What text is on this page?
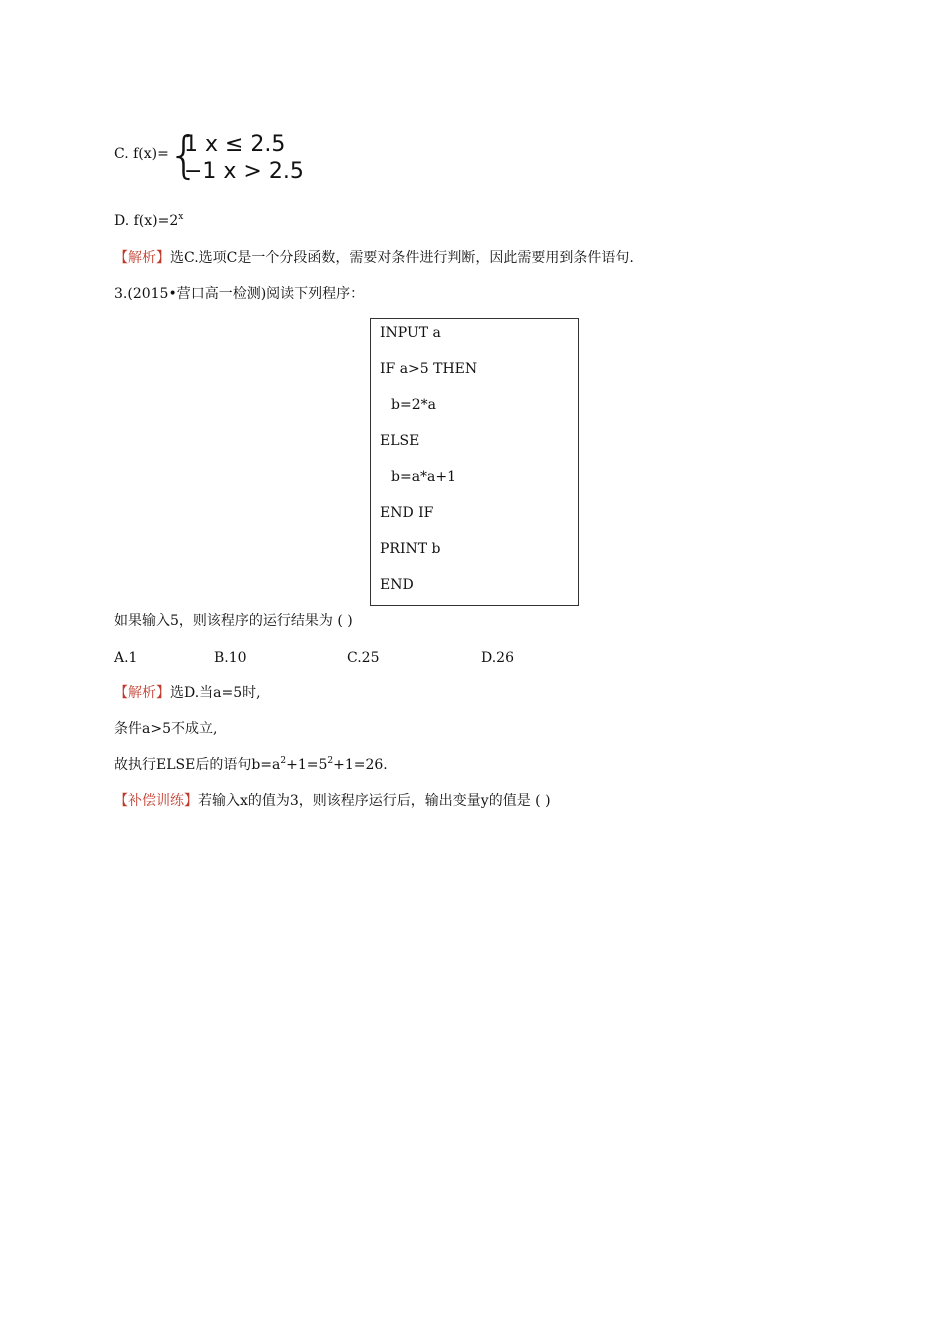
C. f(x)= {
1 x ≤ 2.5
−1 x > 2.5
D. $f(x)=2^x$
【解析】选C.选项C是一个分段函数，需要对条件进行判断，因此需要用到条件语句.
3.(2015•营口高一检测)阅读下列程序：
INPUT a
IF a>5 THEN
b=2*a
ELSE
b=a*a+1
END IF
PRINT b
END
如果输入5，则该程序的运行结果为 ( )
A.1	B.10	C.25	D.26
【解析】选D.当a=5时,
条件a>5不成立,
故执行ELSE后的语句$b=a^2+1=5^2+1=26$.
【补偿训练】若输入x的值为3，则该程序运行后，输出变量y的值是 ( )
